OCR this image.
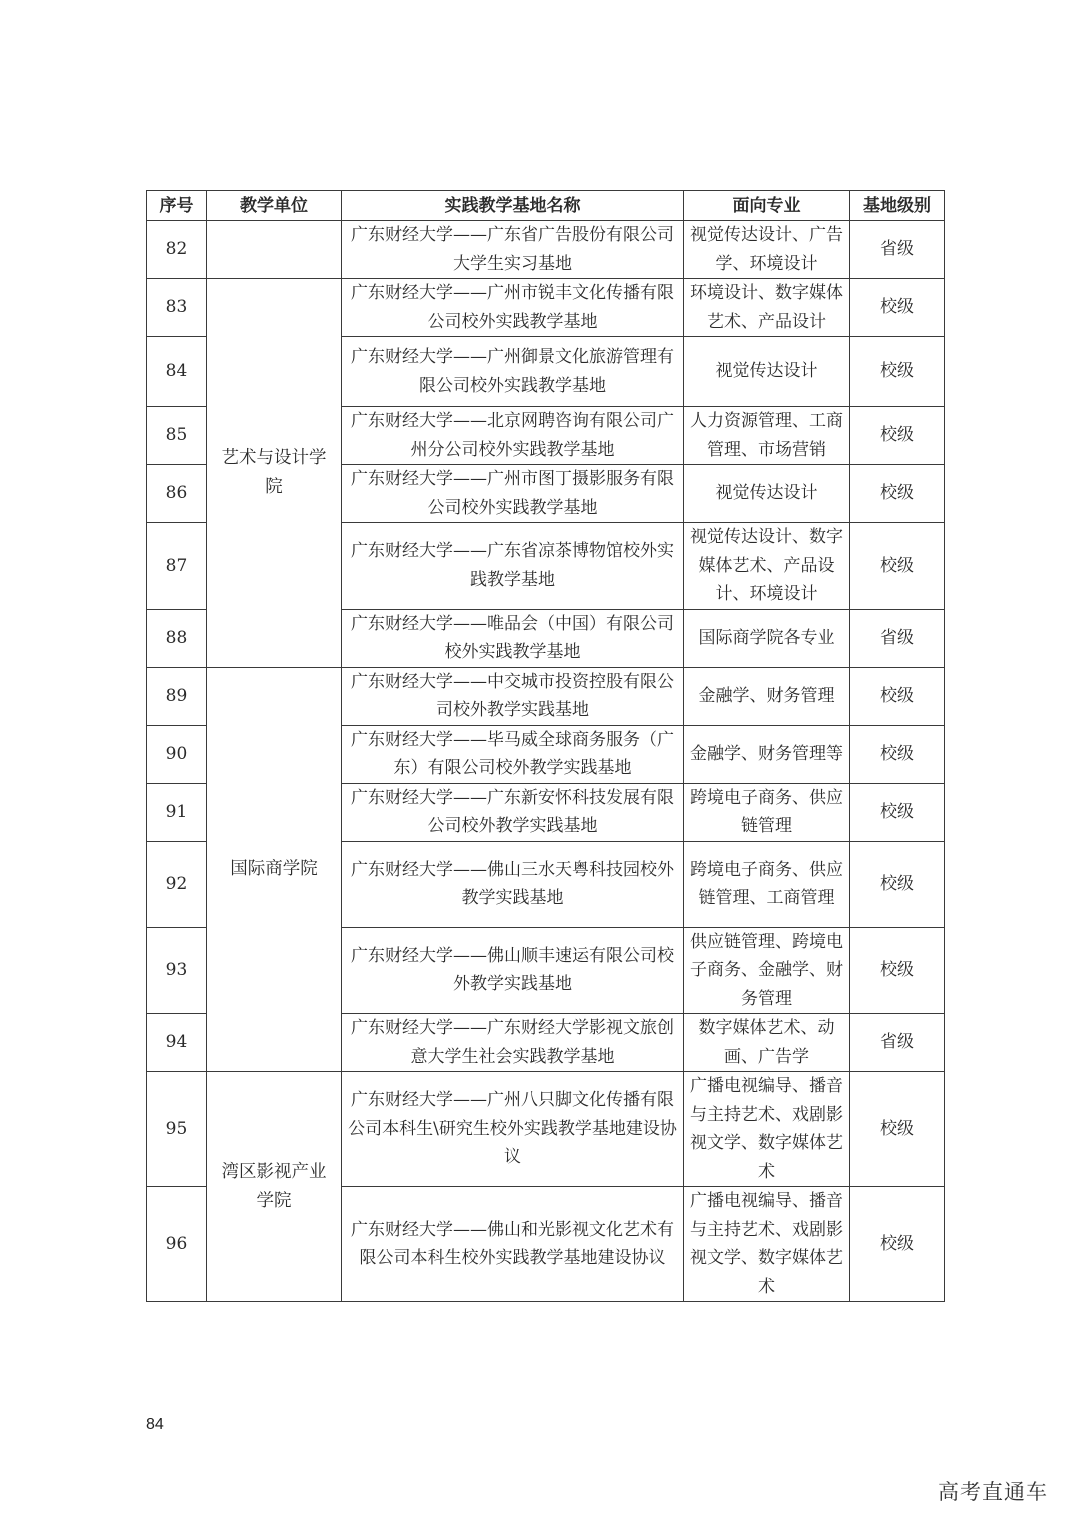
序号	教学单位	实践教学基地名称	面向专业	基地级别
82		广东财经大学——广东省广告股份有限公司大学生实习基地	视觉传达设计、广告学、环境设计	省级
83	艺术与设计学院	广东财经大学——广州市锐丰文化传播有限公司校外实践教学基地	环境设计、数字媒体艺术、产品设计	校级
84		广东财经大学——广州御景文化旅游管理有限公司校外实践教学基地	视觉传达设计	校级
85		广东财经大学——北京网聘咨询有限公司广州分公司校外实践教学基地	人力资源管理、工商管理、市场营销	校级
86		广东财经大学——广州市图丁摄影服务有限公司校外实践教学基地	视觉传达设计	校级
87		广东财经大学——广东省凉茶博物馆校外实践教学基地	视觉传达设计、数字媒体艺术、产品设计、环境设计	校级
88		广东财经大学——唯品会（中国）有限公司校外实践教学基地	国际商学院各专业	省级
89	国际商学院	广东财经大学——中交城市投资控股有限公司校外教学实践基地	金融学、财务管理	校级
90		广东财经大学——毕马威全球商务服务（广东）有限公司校外教学实践基地	金融学、财务管理等	校级
91		广东财经大学——广东新安怀科技发展有限公司校外教学实践基地	跨境电子商务、供应链管理	校级
92		广东财经大学——佛山三水天粤科技园校外教学实践基地	跨境电子商务、供应链管理、工商管理	校级
93		广东财经大学——佛山顺丰速运有限公司校外教学实践基地	供应链管理、跨境电子商务、金融学、财务管理	校级
94		广东财经大学——广东财经大学影视文旅创意大学生社会实践教学基地	数字媒体艺术、动画、广告学	省级
95	湾区影视产业学院	广东财经大学——广州八只脚文化传播有限公司本科生\研究生校外实践教学基地建设协议	广播电视编导、播音与主持艺术、戏剧影视文学、数字媒体艺术	校级
96		广东财经大学——佛山和光影视文化艺术有限公司本科生校外实践教学基地建设协议	广播电视编导、播音与主持艺术、戏剧影视文学、数字媒体艺术	校级
84
高考直通车
